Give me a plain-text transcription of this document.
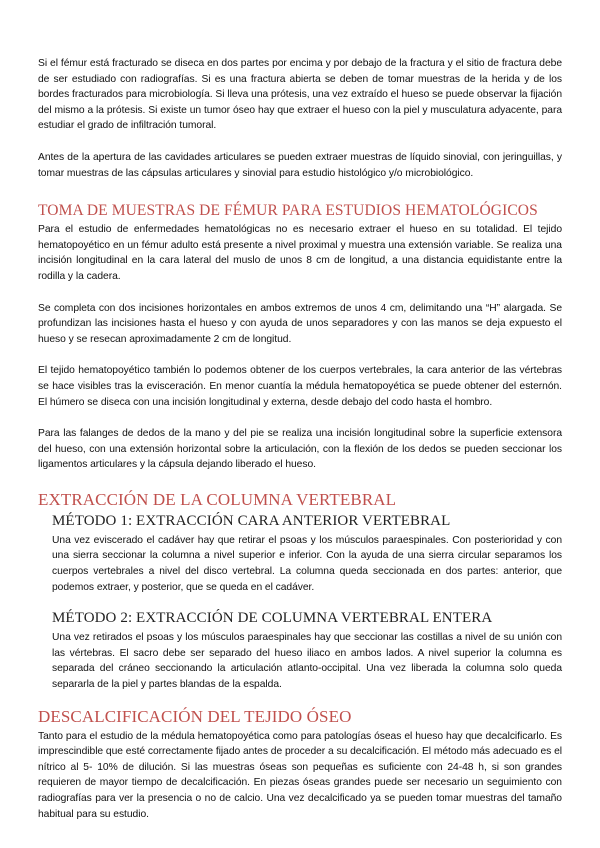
Si el fémur está fracturado se diseca en dos partes por encima y por debajo de la fractura y el sitio de fractura debe de ser estudiado con radiografías. Si es una fractura abierta se deben de tomar muestras de la herida y de los bordes fracturados para microbiología. Si lleva una prótesis, una vez extraído el hueso se puede observar la fijación del mismo a la prótesis. Si existe un tumor óseo hay que extraer el hueso con la piel y musculatura adyacente, para estudiar el grado de infiltración tumoral.

Antes de la apertura de las cavidades articulares se pueden extraer muestras de líquido sinovial, con jeringuillas, y tomar muestras de las cápsulas articulares y sinovial para estudio histológico y/o microbiológico.

TOMA DE MUESTRAS DE FÉMUR PARA ESTUDIOS HEMATOLÓGICOS

Para el estudio de enfermedades hematológicas no es necesario extraer el hueso en su totalidad. El tejido hematopoyético en un fémur adulto está presente a nivel proximal y muestra una extensión variable. Se realiza una incisión longitudinal en la cara lateral del muslo de unos 8 cm de longitud, a una distancia equidistante entre la rodilla y la cadera.

Se completa con dos incisiones horizontales en ambos extremos de unos 4 cm, delimitando una “H” alargada. Se profundizan las incisiones hasta el hueso y con ayuda de unos separadores y con las manos se deja expuesto el hueso y se resecan aproximadamente 2 cm de longitud.

El tejido hematopoyético también lo podemos obtener de los cuerpos vertebrales, la cara anterior de las vértebras se hace visibles tras la evisceración. En menor cuantía la médula hematopoyética se puede obtener del esternón. El húmero se diseca con una incisión longitudinal y externa, desde debajo del codo hasta el hombro.

Para las falanges de dedos de la mano y del pie se realiza una incisión longitudinal sobre la superficie extensora del hueso, con una extensión horizontal sobre la articulación, con la flexión de los dedos se pueden seccionar los ligamentos articulares y la cápsula dejando liberado el hueso.

EXTRACCIÓN DE LA COLUMNA VERTEBRAL
MÉTODO 1: EXTRACCIÓN CARA ANTERIOR VERTEBRAL

Una vez eviscerado el cadáver hay que retirar el psoas y los músculos paraespinales. Con posterioridad y con una sierra seccionar la columna a nivel superior e inferior. Con la ayuda de una sierra circular separamos los cuerpos vertebrales a nivel del disco vertebral. La columna queda seccionada en dos partes: anterior, que podemos extraer, y posterior, que se queda en el cadáver.

MÉTODO 2: EXTRACCIÓN DE COLUMNA VERTEBRAL ENTERA

Una vez retirados el psoas y los músculos paraespinales hay que seccionar las costillas a nivel de su unión con las vértebras. El sacro debe ser separado del hueso iliaco en ambos lados. A nivel superior la columna es separada del cráneo seccionando la articulación atlanto-occipital. Una vez liberada la columna solo queda separarla de la piel y partes blandas de la espalda.

DESCALCIFICACIÓN DEL TEJIDO ÓSEO

Tanto para el estudio de la médula hematopoyética como para patologías óseas el hueso hay que decalcificarlo. Es imprescindible que esté correctamente fijado antes de proceder a su decalcificación. El método más adecuado es el nítrico al 5- 10% de dilución. Si las muestras óseas son pequeñas es suficiente con 24-48 h, si son grandes requieren de mayor tiempo de decalcificación. En piezas óseas grandes puede ser necesario un seguimiento con radiografías para ver la presencia o no de calcio. Una vez decalcificado ya se pueden tomar muestras del tamaño habitual para su estudio.
